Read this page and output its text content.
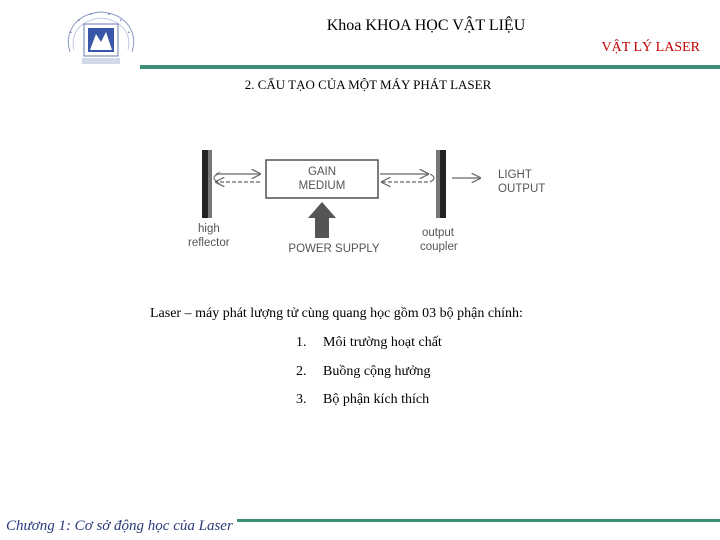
•
•
•	•
•
•	Khoa KHOA HỌC VẬT LIỆU
VẬT LÝ LASER
2. CẤU TẠO CỦA MỘT MÁY PHÁT LASER
GAIN
MEDIUM
LIGHT
OUTPUT
POWER SUPPLY
high
reflector
output
coupler
Laser – máy phát lượng tử cùng quang học gồm 03 bộ phận chính:
1. Môi trường hoạt chất
2. Buồng cộng hưởng
3. Bộ phận kích thích
Chương 1: Cơ sở động học của Laser
